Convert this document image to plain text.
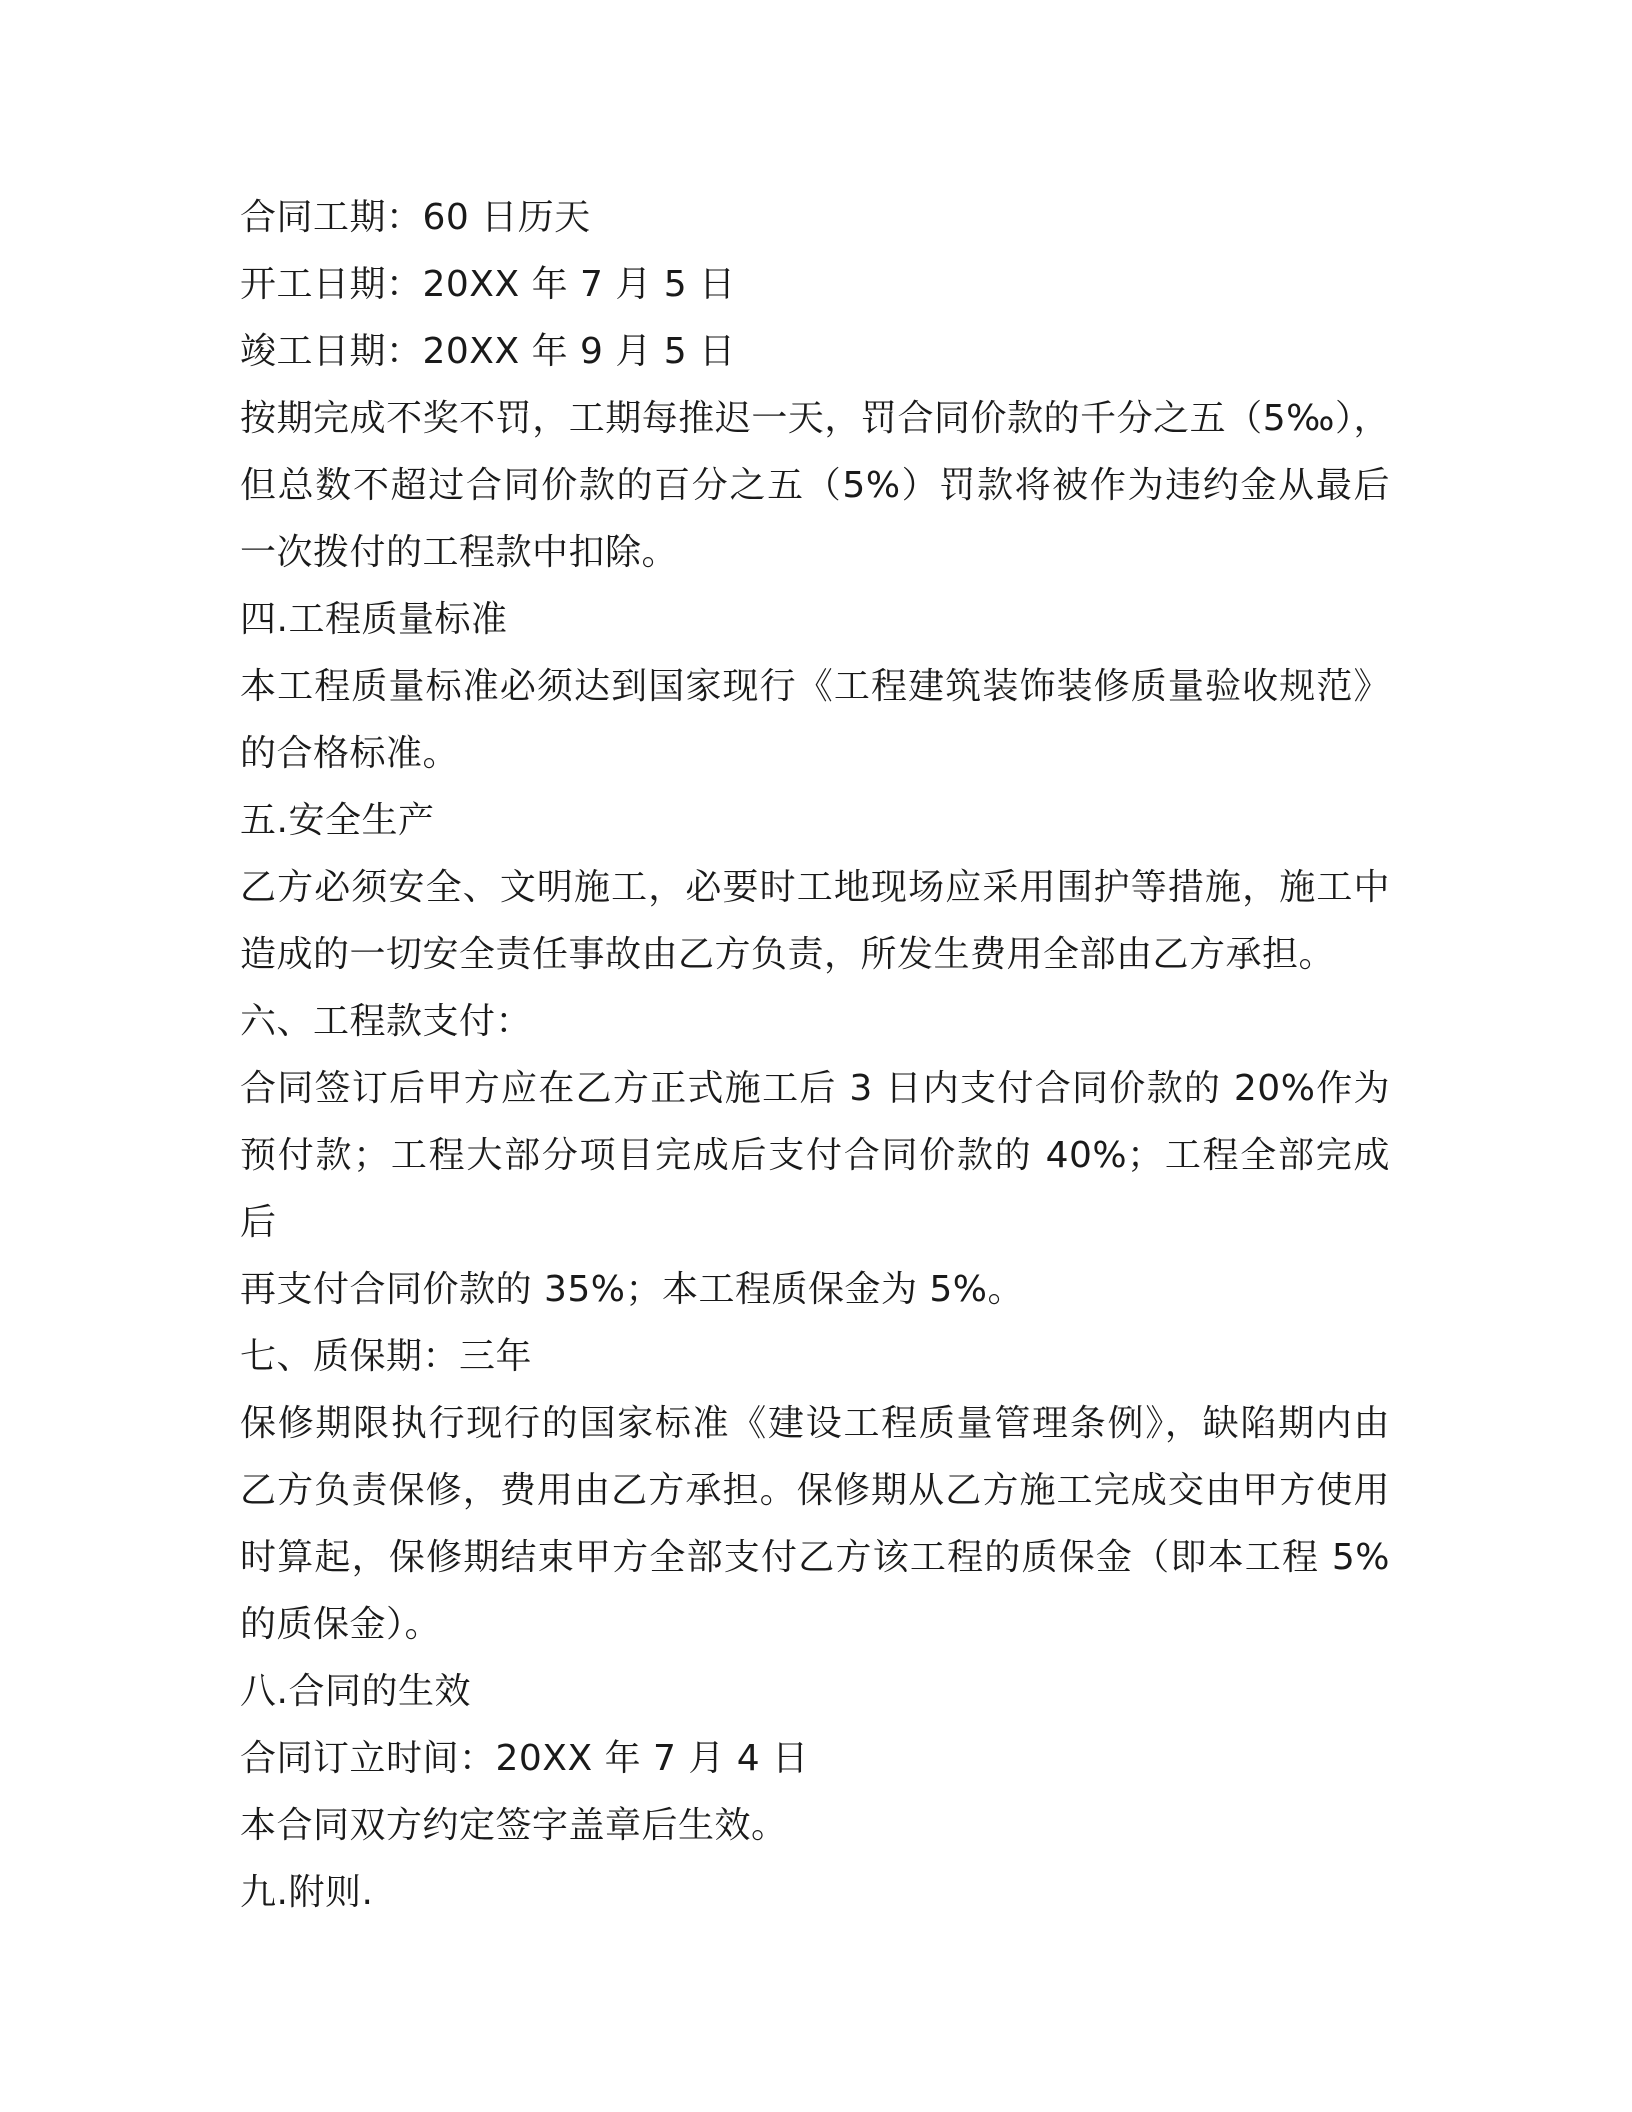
合同工期：60 日历天
开工日期：20XX 年 7 月 5 日
竣工日期：20XX 年 9 月 5 日
按期完成不奖不罚，工期每推迟一天，罚合同价款的千分之五（5‰），
但总数不超过合同价款的百分之五（5%）罚款将被作为违约金从最后
一次拨付的工程款中扣除。
四.工程质量标准
本工程质量标准必须达到国家现行《工程建筑装饰装修质量验收规范》
的合格标准。
五.安全生产
乙方必须安全、文明施工，必要时工地现场应采用围护等措施，施工中
造成的一切安全责任事故由乙方负责，所发生费用全部由乙方承担。
六、工程款支付：
合同签订后甲方应在乙方正式施工后 3 日内支付合同价款的 20%作为
预付款；工程大部分项目完成后支付合同价款的 40%；工程全部完成后
再支付合同价款的 35%；本工程质保金为 5%。
七、质保期：三年
保修期限执行现行的国家标准《建设工程质量管理条例》，缺陷期内由
乙方负责保修，费用由乙方承担。保修期从乙方施工完成交由甲方使用
时算起，保修期结束甲方全部支付乙方该工程的质保金（即本工程 5%
的质保金）。
八.合同的生效
合同订立时间：20XX 年 7 月 4 日
本合同双方约定签字盖章后生效。
九.附则.
